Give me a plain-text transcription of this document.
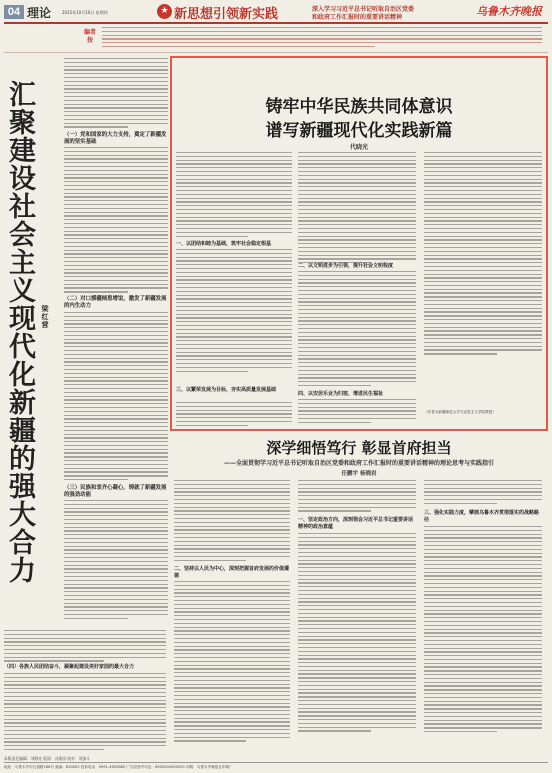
04 理论	2025年10月16日 星期四	★ 新思想引领新实践	深入学习习近平总书记听取自治区党委
和政府工作汇报时的重要讲话精神	乌鲁木齐晚报
编者
按
汇聚建设社会主义现代化新疆的强大合力 梁红营
（一）党和国家的大力支持，奠定了新疆发展的坚实基础
（二）对口援疆倾患增谊，激发了新疆发展的内生动力
（三）民族和衷齐心凝心，铸就了新疆发展的强劲动能
（四）各族人民团结奋斗，凝聚起建设美好家园的最大合力
本版责任编辑：刘海亮 版面：冯维国 校对：刘加斗
铸牢中华民族共同体意识
谱写新疆现代化实践新篇
代晓光
一、以团结和睦为基础，筑牢社会稳定根基
三、以繁荣发展为目标，夯实高质量发展基础
二、以文明进步为引领，提升社会文明程度
四、以安居乐业为归宿，增进民生福祉
（作者为新疆师范大学马克思主义学院教授）
深学细悟笃行 彰显首府担当
——全面贯彻学习近平总书记听取自治区党委和政府工作汇报时的重要讲话精神的理论思考与实践指引
任鹏宇 杨晓岩
二、坚持以人民为中心，深刻把握首府发展的价值遵循
一、坚定政治方向，深刻领会习近平总书记重要讲话精神的政治意蕴
三、强化实践力度，擘画乌鲁木齐贯彻落实的战略路径
地址：乌鲁木齐市红旗路188号 邮编：830002 投诉电话：0991-4655889 广告经营许可证：6500004000055 印刷：乌鲁木齐晚报社印刷厂
